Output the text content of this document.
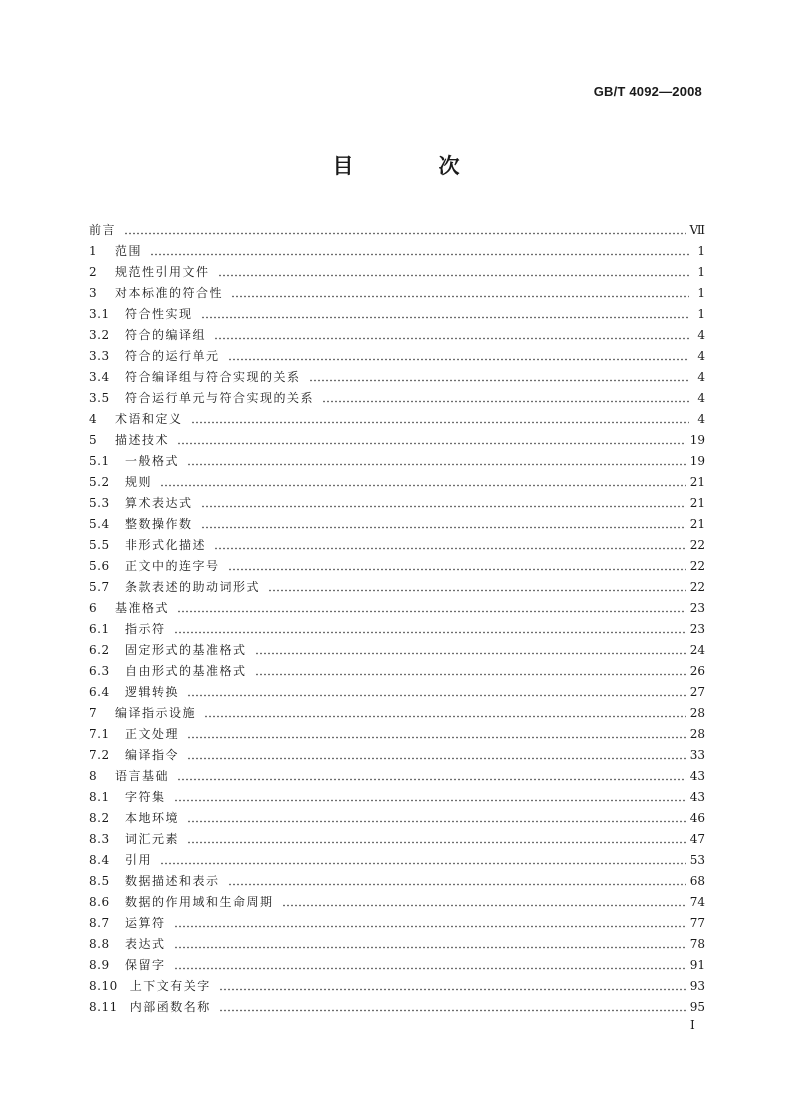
GB/T 4092—2008
目　次
前言	Ⅶ
1	范围	1
2	规范性引用文件	1
3	对本标准的符合性	1
3.1	符合性实现	1
3.2	符合的编译组	4
3.3	符合的运行单元	4
3.4	符合编译组与符合实现的关系	4
3.5	符合运行单元与符合实现的关系	4
4	术语和定义	4
5	描述技术	19
5.1	一般格式	19
5.2	规则	21
5.3	算术表达式	21
5.4	整数操作数	21
5.5	非形式化描述	22
5.6	正文中的连字号	22
5.7	条款表述的助动词形式	22
6	基准格式	23
6.1	指示符	23
6.2	固定形式的基准格式	24
6.3	自由形式的基准格式	26
6.4	逻辑转换	27
7	编译指示设施	28
7.1	正文处理	28
7.2	编译指令	33
8	语言基础	43
8.1	字符集	43
8.2	本地环境	46
8.3	词汇元素	47
8.4	引用	53
8.5	数据描述和表示	68
8.6	数据的作用域和生命周期	74
8.7	运算符	77
8.8	表达式	78
8.9	保留字	91
8.10	上下文有关字	93
8.11	内部函数名称	95
I
